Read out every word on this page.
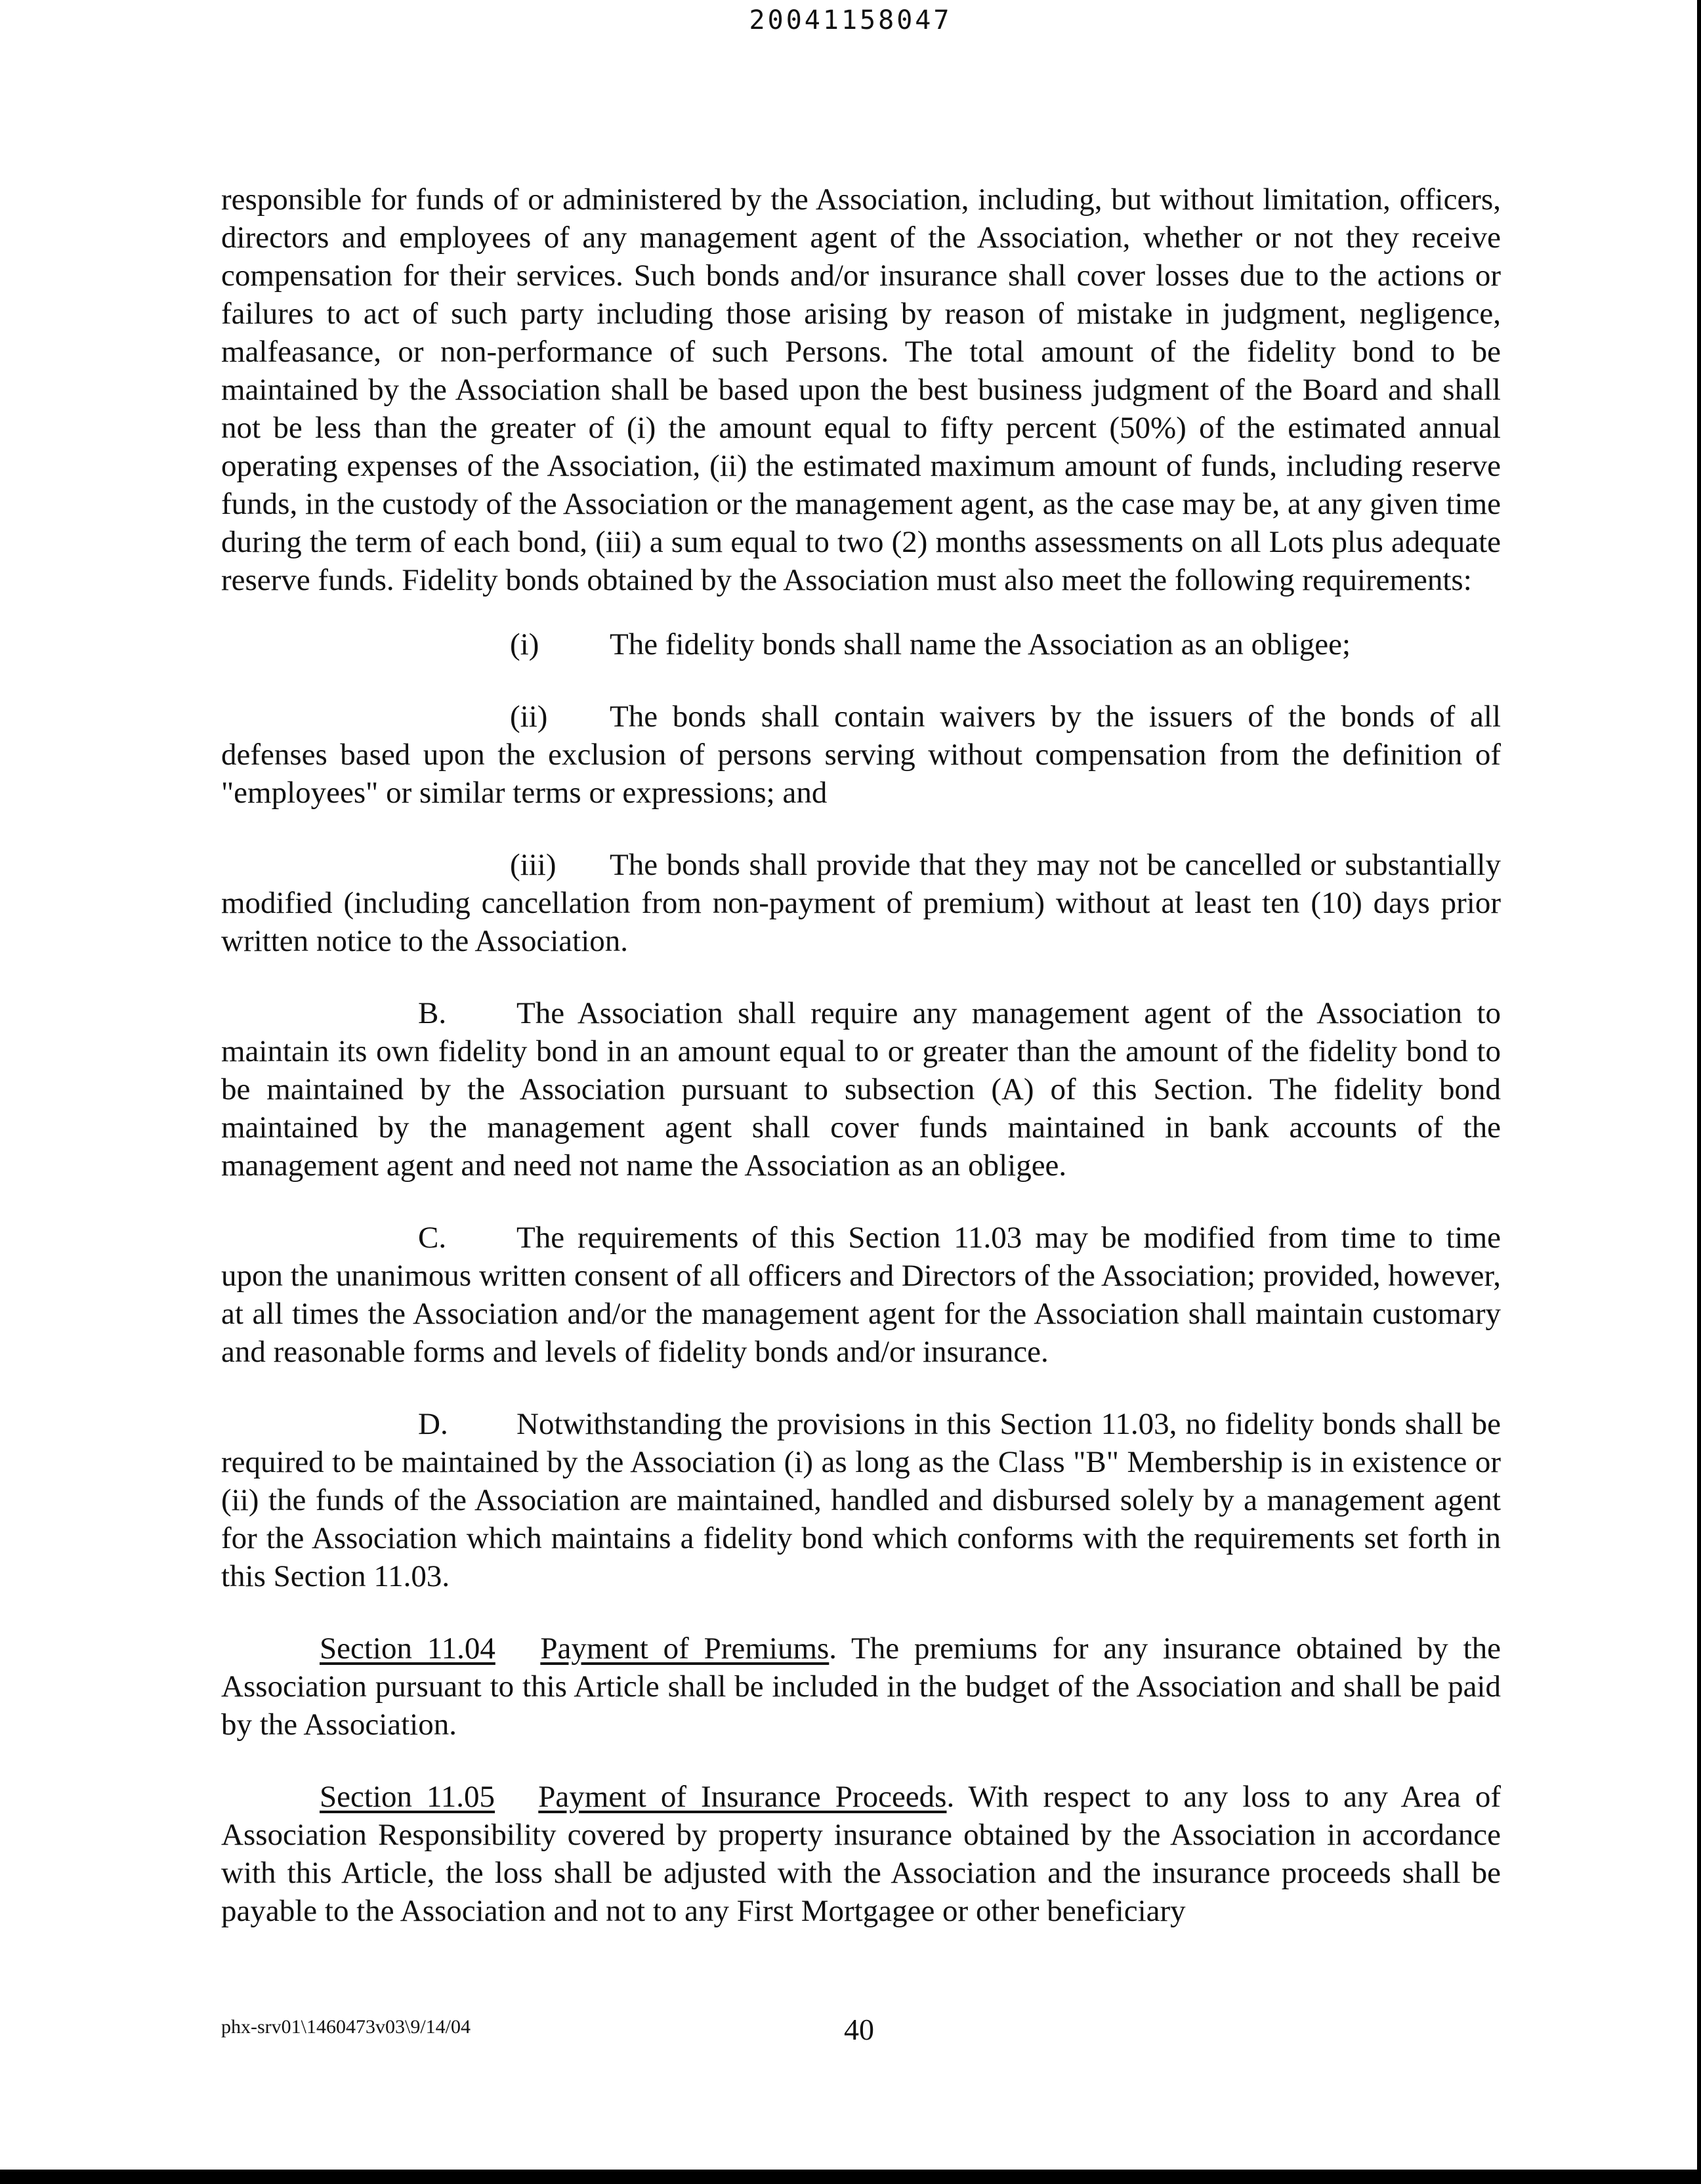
20041158047

responsible for funds of or administered by the Association, including, but without limitation, officers, directors and employees of any management agent of the Association, whether or not they receive compensation for their services. Such bonds and/or insurance shall cover losses due to the actions or failures to act of such party including those arising by reason of mistake in judgment, negligence, malfeasance, or non-performance of such Persons. The total amount of the fidelity bond to be maintained by the Association shall be based upon the best business judgment of the Board and shall not be less than the greater of (i) the amount equal to fifty percent (50%) of the estimated annual operating expenses of the Association, (ii) the estimated maximum amount of funds, including reserve funds, in the custody of the Association or the management agent, as the case may be, at any given time during the term of each bond, (iii) a sum equal to two (2) months assessments on all Lots plus adequate reserve funds. Fidelity bonds obtained by the Association must also meet the following requirements:

(i) The fidelity bonds shall name the Association as an obligee;

(ii) The bonds shall contain waivers by the issuers of the bonds of all defenses based upon the exclusion of persons serving without compensation from the definition of "employees" or similar terms or expressions; and

(iii) The bonds shall provide that they may not be cancelled or substantially modified (including cancellation from non-payment of premium) without at least ten (10) days prior written notice to the Association.

B. The Association shall require any management agent of the Association to maintain its own fidelity bond in an amount equal to or greater than the amount of the fidelity bond to be maintained by the Association pursuant to subsection (A) of this Section. The fidelity bond maintained by the management agent shall cover funds maintained in bank accounts of the management agent and need not name the Association as an obligee.

C. The requirements of this Section 11.03 may be modified from time to time upon the unanimous written consent of all officers and Directors of the Association; provided, however, at all times the Association and/or the management agent for the Association shall maintain customary and reasonable forms and levels of fidelity bonds and/or insurance.

D. Notwithstanding the provisions in this Section 11.03, no fidelity bonds shall be required to be maintained by the Association (i) as long as the Class "B" Membership is in existence or (ii) the funds of the Association are maintained, handled and disbursed solely by a management agent for the Association which maintains a fidelity bond which conforms with the requirements set forth in this Section 11.03.

Section 11.04 Payment of Premiums. The premiums for any insurance obtained by the Association pursuant to this Article shall be included in the budget of the Association and shall be paid by the Association.

Section 11.05 Payment of Insurance Proceeds. With respect to any loss to any Area of Association Responsibility covered by property insurance obtained by the Association in accordance with this Article, the loss shall be adjusted with the Association and the insurance proceeds shall be payable to the Association and not to any First Mortgagee or other beneficiary

phx-srv01\1460473v03\9/14/04	40
